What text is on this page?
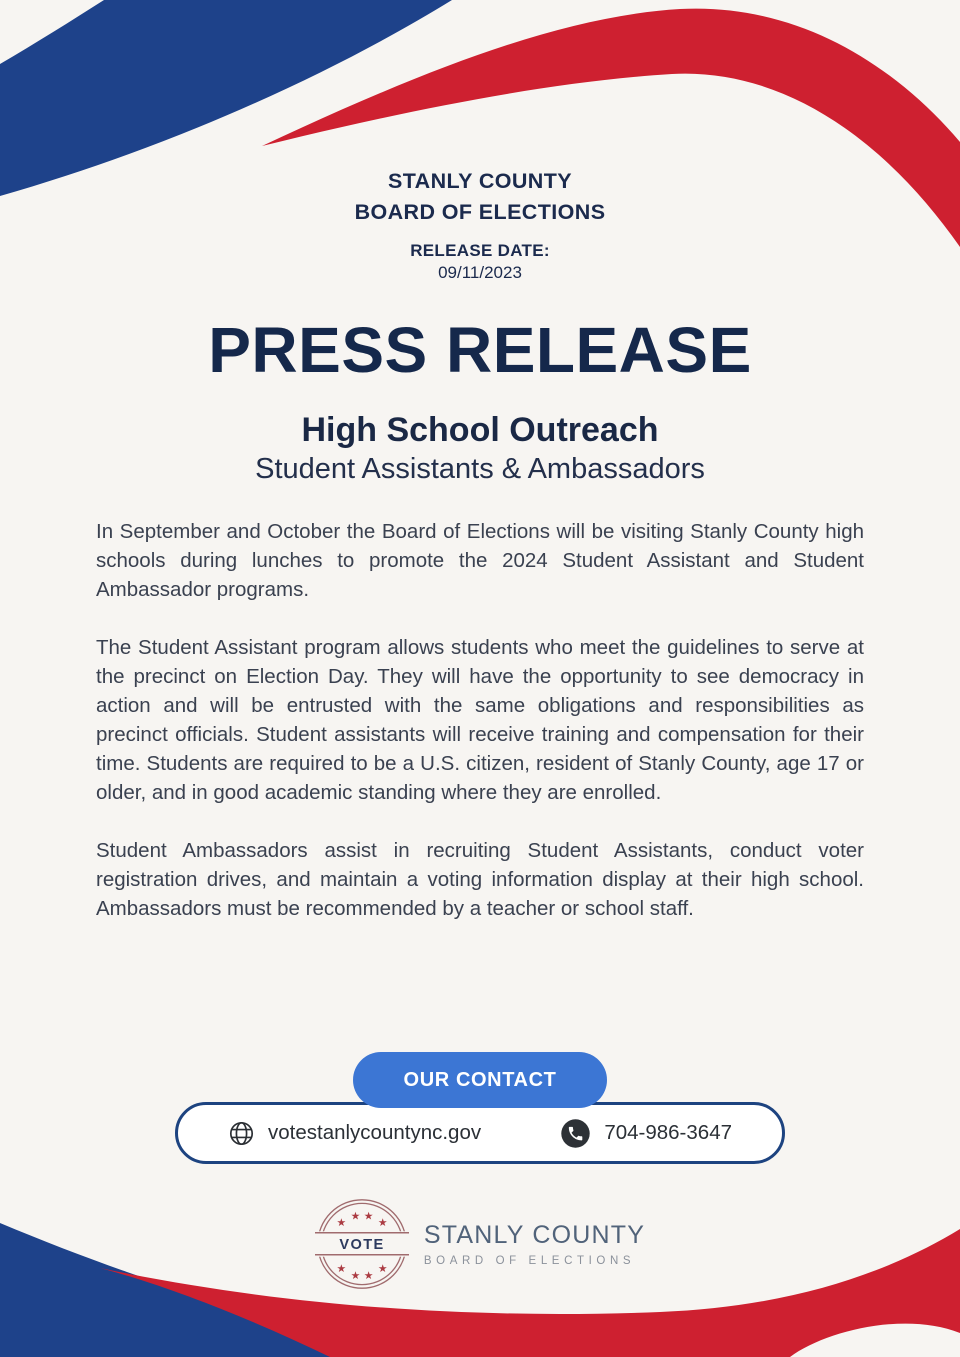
STANLY COUNTY
BOARD OF ELECTIONS
RELEASE DATE:
09/11/2023
PRESS RELEASE
High School Outreach
Student Assistants & Ambassadors

In September and October the Board of Elections will be visiting Stanly County high schools during lunches to promote the 2024 Student Assistant and Student Ambassador programs.

The Student Assistant program allows students who meet the guidelines to serve at the precinct on Election Day. They will have the opportunity to see democracy in action and will be entrusted with the same obligations and responsibilities as precinct officials. Student assistants will receive training and compensation for their time. Students are required to be a U.S. citizen, resident of Stanly County, age 17 or older, and in good academic standing where they are enrolled.

Student Ambassadors assist in recruiting Student Assistants, conduct voter registration drives, and maintain a voting information display at their high school. Ambassadors must be recommended by a teacher or school staff.

OUR CONTACT
votestanlycountync.gov	704-986-3647
VOTE
★
★ ★
★
★
★ ★
★
STANLY COUNTY
BOARD OF ELECTIONS
